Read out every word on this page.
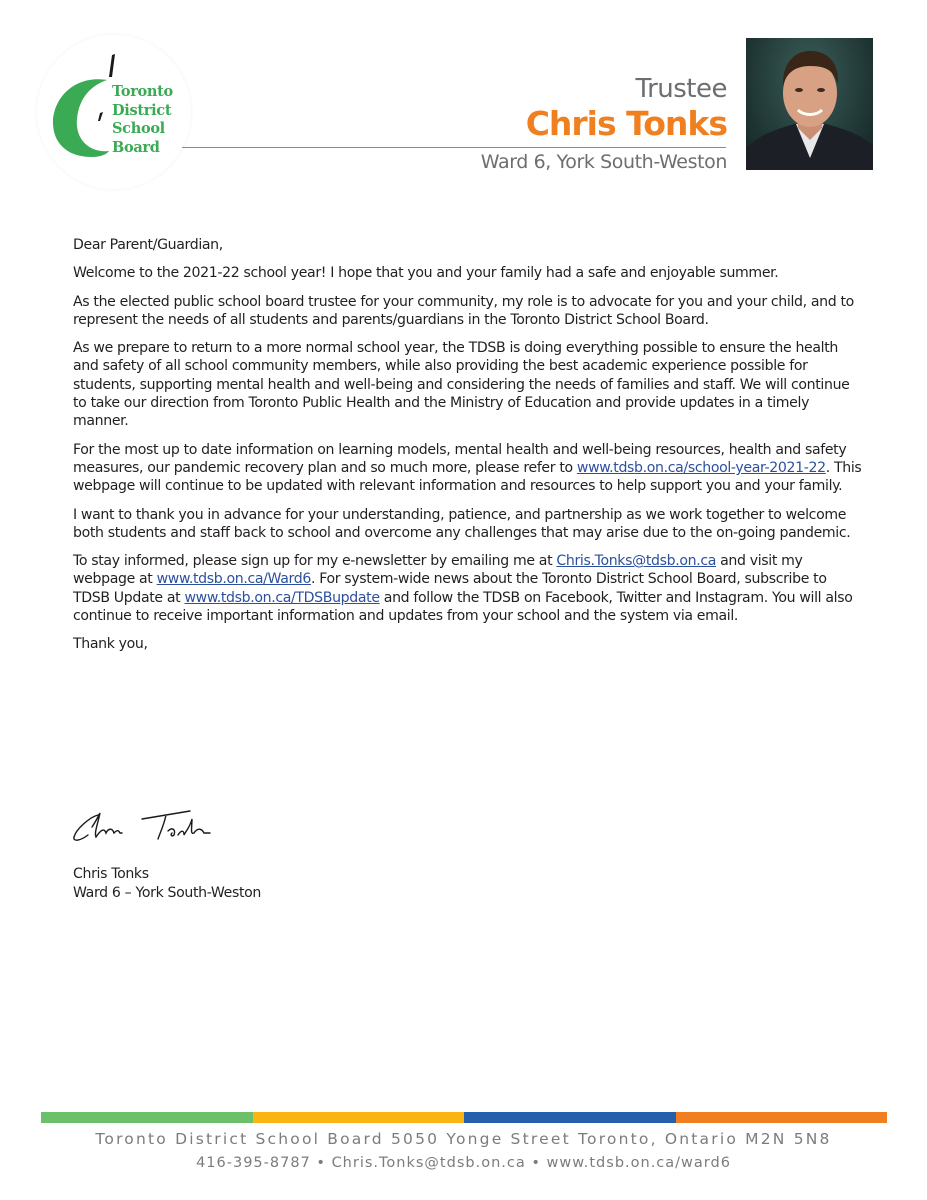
Toronto
District
School
Board
Trustee
Chris Tonks
Ward 6, York South-Weston

Dear Parent/Guardian,

Welcome to the 2021-22 school year! I hope that you and your family had a safe and enjoyable summer.

As the elected public school board trustee for your community, my role is to advocate for you and your child, and to represent the needs of all students and parents/guardians in the Toronto District School Board.

As we prepare to return to a more normal school year, the TDSB is doing everything possible to ensure the health and safety of all school community members, while also providing the best academic experience possible for students, supporting mental health and well-being and considering the needs of families and staff. We will continue to take our direction from Toronto Public Health and the Ministry of Education and provide updates in a timely manner.

For the most up to date information on learning models, mental health and well-being resources, health and safety measures, our pandemic recovery plan and so much more, please refer to www.tdsb.on.ca/school-year-2021-22. This webpage will continue to be updated with relevant information and resources to help support you and your family.

I want to thank you in advance for your understanding, patience, and partnership as we work together to welcome both students and staff back to school and overcome any challenges that may arise due to the on-going pandemic.

To stay informed, please sign up for my e-newsletter by emailing me at Chris.Tonks@tdsb.on.ca and visit my webpage at www.tdsb.on.ca/Ward6. For system-wide news about the Toronto District School Board, subscribe to TDSB Update at www.tdsb.on.ca/TDSBupdate and follow the TDSB on Facebook, Twitter and Instagram. You will also continue to receive important information and updates from your school and the system via email.

Thank you,

Chris Tonks
Ward 6 – York South-Weston
Toronto District School Board 5050 Yonge Street Toronto, Ontario M2N 5N8
416-395-8787 • Chris.Tonks@tdsb.on.ca • www.tdsb.on.ca/ward6
